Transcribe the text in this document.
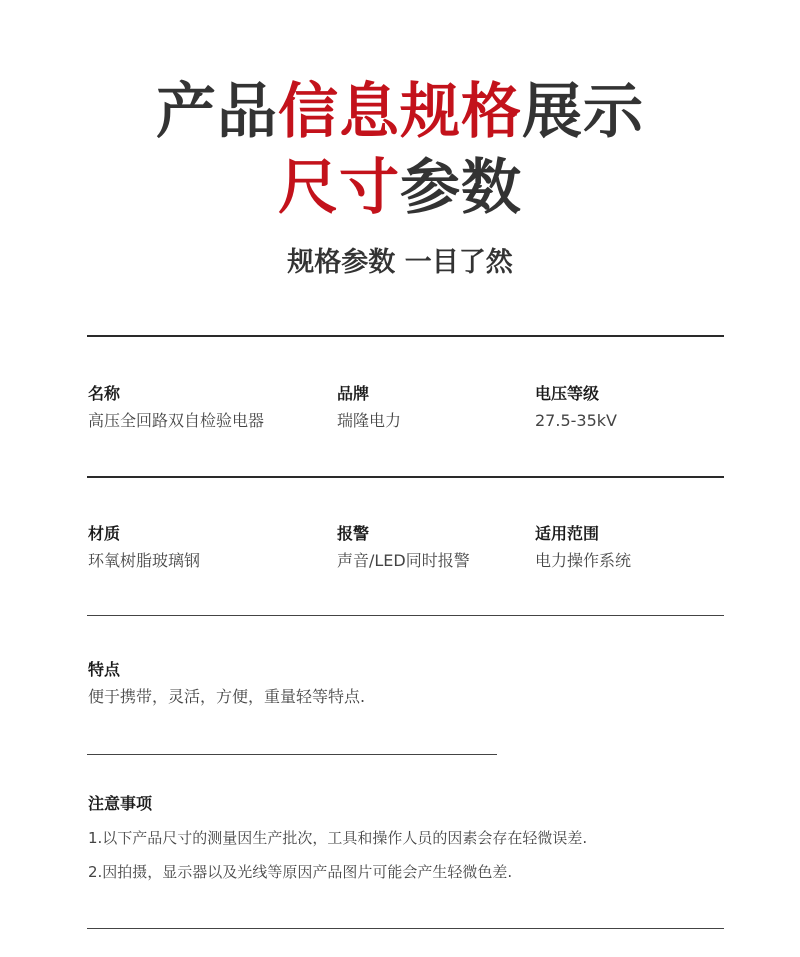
产品信息规格展示
尺寸参数
规格参数 一目了然
名称
高压全回路双自检验电器
品牌
瑞隆电力
电压等级
27.5-35kV
材质
环氧树脂玻璃钢
报警
声音/LED同时报警
适用范围
电力操作系统
特点
便于携带，灵活，方便，重量轻等特点.
注意事项
1.以下产品尺寸的测量因生产批次，工具和操作人员的因素会存在轻微误差.
2.因拍摄，显示器以及光线等原因产品图片可能会产生轻微色差.
